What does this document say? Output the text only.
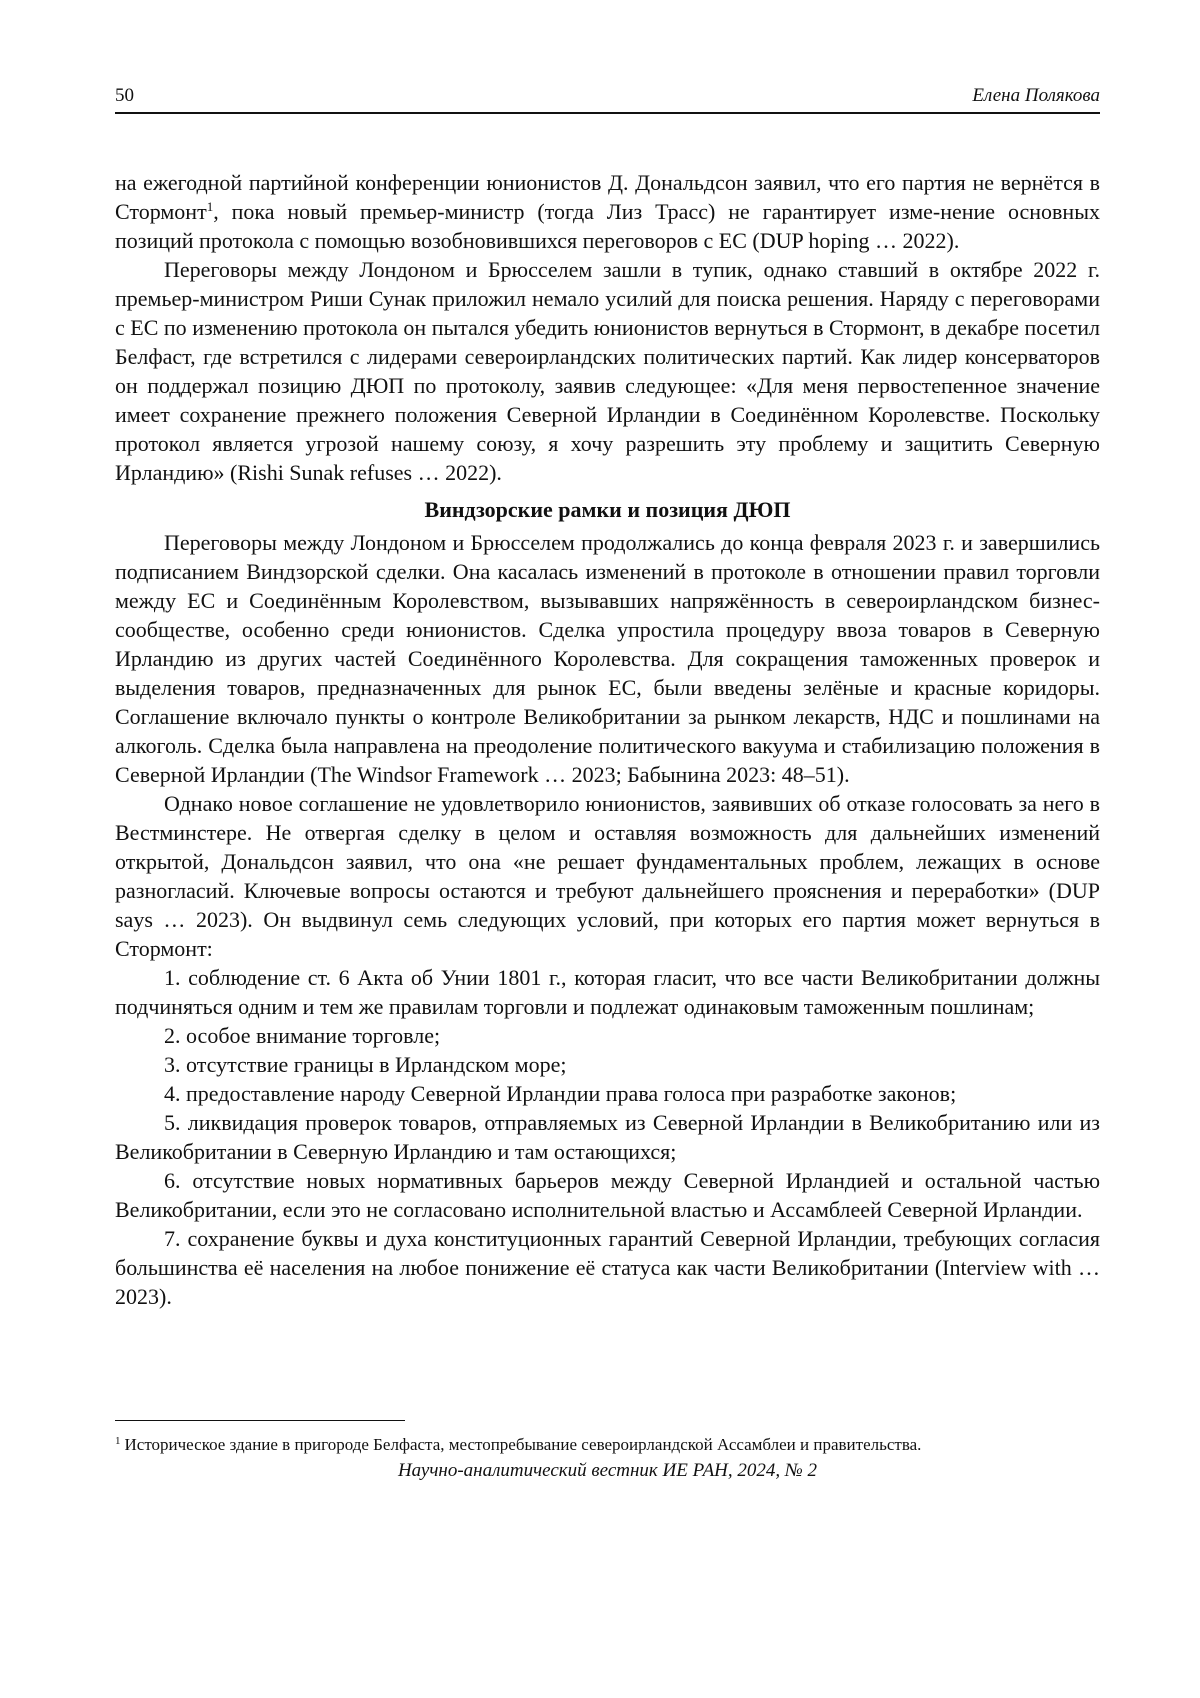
50	Елена Полякова

на ежегодной партийной конференции юнионистов Д. Дональдсон заявил, что его партия не вернётся в Стормонт$^1$, пока новый премьер-министр (тогда Лиз Трасс) не гарантирует изме-нение основных позиций протокола с помощью возобновившихся переговоров с ЕС (DUP hoping … 2022).

Переговоры между Лондоном и Брюсселем зашли в тупик, однако ставший в октябре 2022 г. премьер-министром Риши Сунак приложил немало усилий для поиска решения. Наряду с переговорами с ЕС по изменению протокола он пытался убедить юнионистов вернуться в Стормонт, в декабре посетил Белфаст, где встретился с лидерами североирландских политических партий. Как лидер консерваторов он поддержал позицию ДЮП по протоколу, заявив следующее: «Для меня первостепенное значение имеет сохранение прежнего положения Северной Ирландии в Соединённом Королевстве. Поскольку протокол является угрозой нашему союзу, я хочу разрешить эту проблему и защитить Северную Ирландию» (Rishi Sunak refuses … 2022).

Виндзорские рамки и позиция ДЮП

Переговоры между Лондоном и Брюсселем продолжались до конца февраля 2023 г. и завершились подписанием Виндзорской сделки. Она касалась изменений в протоколе в отношении правил торговли между ЕС и Соединённым Королевством, вызывавших напряжённость в североирландском бизнес-сообществе, особенно среди юнионистов. Сделка упростила процедуру ввоза товаров в Северную Ирландию из других частей Соединённого Королевства. Для сокращения таможенных проверок и выделения товаров, предназначенных для рынок ЕС, были введены зелёные и красные коридоры. Соглашение включало пункты о контроле Великобритании за рынком лекарств, НДС и пошлинами на алкоголь. Сделка была направлена на преодоление политического вакуума и стабилизацию положения в Северной Ирландии (The Windsor Framework … 2023; Бабынина 2023: 48–51).

Однако новое соглашение не удовлетворило юнионистов, заявивших об отказе голосовать за него в Вестминстере. Не отвергая сделку в целом и оставляя возможность для дальнейших изменений открытой, Дональдсон заявил, что она «не решает фундаментальных проблем, лежащих в основе разногласий. Ключевые вопросы остаются и требуют дальнейшего прояснения и переработки» (DUP says … 2023). Он выдвинул семь следующих условий, при которых его партия может вернуться в Стормонт:

1. соблюдение ст. 6 Акта об Унии 1801 г., которая гласит, что все части Великобритании должны подчиняться одним и тем же правилам торговли и подлежат одинаковым таможенным пошлинам;
2. особое внимание торговле;
3. отсутствие границы в Ирландском море;
4. предоставление народу Северной Ирландии права голоса при разработке законов;
5. ликвидация проверок товаров, отправляемых из Северной Ирландии в Великобританию или из Великобритании в Северную Ирландию и там остающихся;
6. отсутствие новых нормативных барьеров между Северной Ирландией и остальной частью Великобритании, если это не согласовано исполнительной властью и Ассамблеей Северной Ирландии.
7. сохранение буквы и духа конституционных гарантий Северной Ирландии, требующих согласия большинства её населения на любое понижение её статуса как части Великобритании (Interview with … 2023).
$^1$ Историческое здание в пригороде Белфаста, местопребывание североирландской Ассамблеи и правительства.
Научно-аналитический вестник ИЕ РАН, 2024, № 2
